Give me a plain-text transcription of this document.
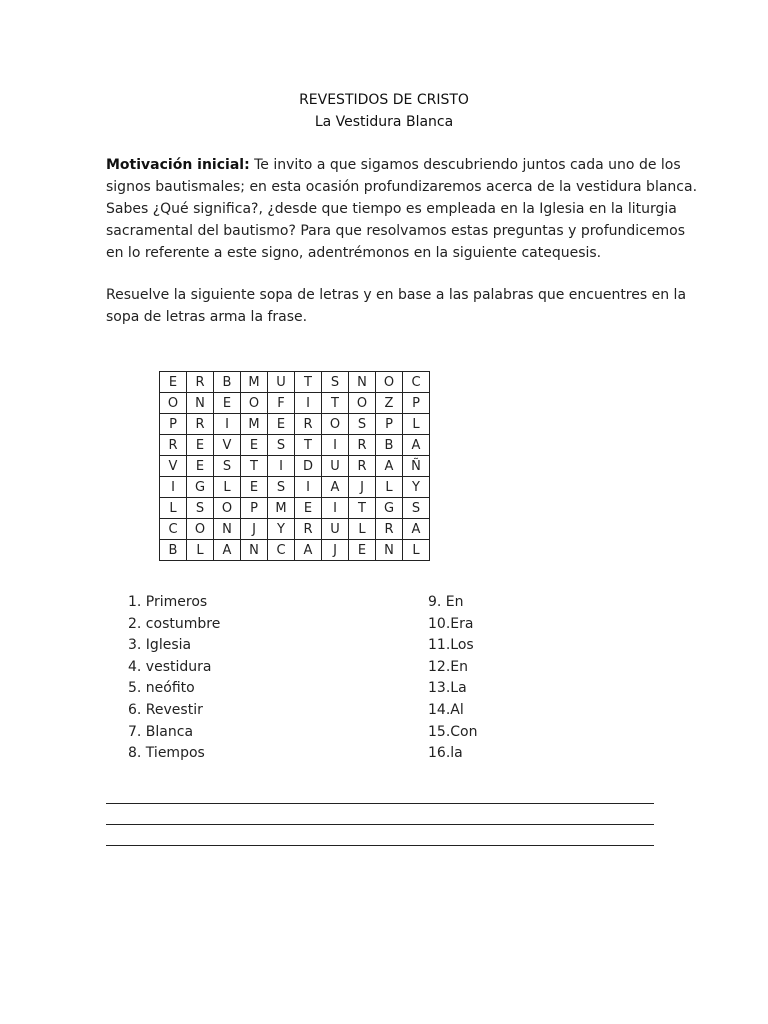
REVESTIDOS DE CRISTO
La Vestidura Blanca
Motivación inicial: Te invito a que sigamos descubriendo juntos cada uno de los
signos bautismales; en esta ocasión profundizaremos acerca de la vestidura blanca.
Sabes ¿Qué significa?, ¿desde que tiempo es empleada en la Iglesia en la liturgia
sacramental del bautismo? Para que resolvamos estas preguntas y profundicemos
en lo referente a este signo, adentrémonos en la siguiente catequesis.
Resuelve la siguiente sopa de letras y en base a las palabras que encuentres en la
sopa de letras arma la frase.
E	R	B	M	U	T	S	N	O	C
O	N	E	O	F	I	T	O	Z	P
P	R	I	M	E	R	O	S	P	L
R	E	V	E	S	T	I	R	B	A
V	E	S	T	I	D	U	R	A	Ñ
I	G	L	E	S	I	A	J	L	Y
L	S	O	P	M	E	I	T	G	S
C	O	N	J	Y	R	U	L	R	A
B	L	A	N	C	A	J	E	N	L
1. Primeros
2. costumbre
3. Iglesia
4. vestidura
5. neófito
6. Revestir
7. Blanca
8. Tiempos
9. En
10.Era
11.Los
12.En
13.La
14.Al
15.Con
16.la
